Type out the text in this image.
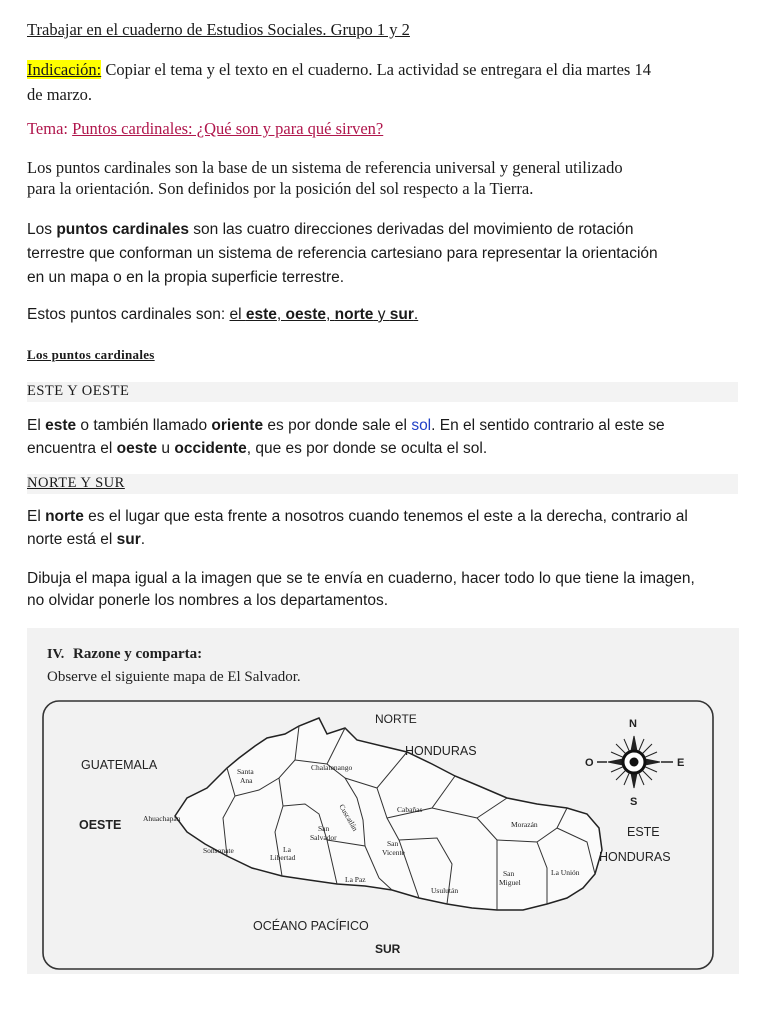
Trabajar en el cuaderno de Estudios Sociales. Grupo 1 y 2
Indicación: Copiar el tema y el texto en el cuaderno. La actividad se entregara el dia martes 14
de marzo.
Tema: Puntos cardinales: ¿Qué son y para qué sirven?
Los puntos cardinales son la base de un sistema de referencia universal y general utilizado
para la orientación. Son definidos por la posición del sol respecto a la Tierra.
Los puntos cardinales son las cuatro direcciones derivadas del movimiento de rotación
terrestre que conforman un sistema de referencia cartesiano para representar la orientación
en un mapa o en la propia superficie terrestre.
Estos puntos cardinales son: el este, oeste, norte y sur.
Los puntos cardinales
ESTE Y OESTE
El este o también llamado oriente es por donde sale el sol. En el sentido contrario al este se
encuentra el oeste u occidente, que es por donde se oculta el sol.
NORTE Y SUR
El norte es el lugar que esta frente a nosotros cuando tenemos el este a la derecha, contrario al
norte está el sur.
Dibuja el mapa igual a la imagen que se te envía en cuaderno, hacer todo lo que tiene la imagen,
no olvidar ponerle los nombres a los departamentos.
IV. Razone y comparta:
Observe el siguiente mapa de El Salvador.
NORTE
HONDURAS
GUATEMALA
OESTE	ESTE
HONDURAS
OCÉANO PACÍFICO
SUR
Chalatenango
Santa
Ana
Ahuachapán
Sonsonate	La
Libertad
San
Salvador
Cuscatlán	Cabañas
San
Vicente
La Paz
Usulután
San
Miguel
Morazán
La Unión
N
S
E
O
